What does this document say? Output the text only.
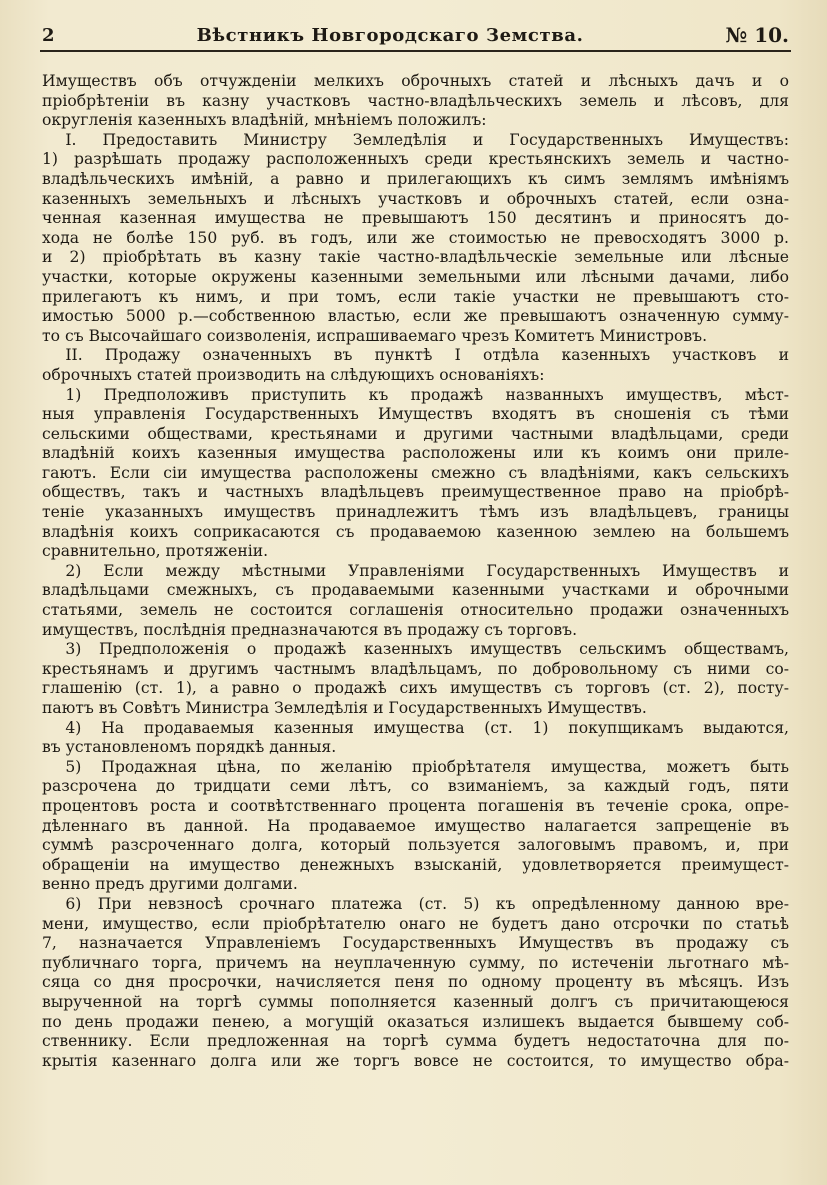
2	Вѣстникъ Новгородскаго Земства.	№ 10.
Имуществъ объ отчужденіи мелкихъ оброчныхъ статей и лѣсныхъ дачъ и о
пріобрѣтеніи въ казну участковъ частно-владѣльческихъ земель и лѣсовъ, для
округленія казенныхъ владѣній, мнѣніемъ положилъ:
  I. Предоставить Министру Земледѣлія и Государственныхъ Имуществъ:
1) разрѣшать продажу расположенныхъ среди крестьянскихъ земель и частно-
владѣльческихъ имѣній, а равно и прилегающихъ къ симъ землямъ имѣніямъ
казенныхъ земельныхъ и лѣсныхъ участковъ и оброчныхъ статей, если озна-
ченная казенная имущества не превышаютъ 150 десятинъ и приносятъ до-
хода не болѣе 150 руб. въ годъ, или же стоимостью не превосходятъ 3000 р.
и 2) пріобрѣтать въ казну такіе частно-владѣльческіе земельные или лѣсные
участки, которые окружены казенными земельными или лѣсными дачами, либо
прилегаютъ къ нимъ, и при томъ, если такіе участки не превышаютъ сто-
имостью 5000 р.—собственною властью, если же превышаютъ означенную сумму-
то съ Высочайшаго соизволенія, испрашиваемаго чрезъ Комитетъ Министровъ.
  II. Продажу означенныхъ въ пунктѣ I отдѣла казенныхъ участковъ и
оброчныхъ статей производить на слѣдующихъ основаніяхъ:
  1) Предположивъ приступить къ продажѣ названныхъ имуществъ, мѣст-
ныя управленія Государственныхъ Имуществъ входятъ въ сношенія съ тѣми
сельскими обществами, крестьянами и другими частными владѣльцами, среди
владѣній коихъ казенныя имущества расположены или къ коимъ они приле-
гаютъ. Если сіи имущества расположены смежно съ владѣніями, какъ сельскихъ
обществъ, такъ и частныхъ владѣльцевъ преимущественное право на пріобрѣ-
теніе указанныхъ имуществъ принадлежитъ тѣмъ изъ владѣльцевъ, границы
владѣнія коихъ соприкасаются съ продаваемою казенною землею на большемъ
сравнительно, протяженіи.
  2) Если между мѣстными Управленіями Государственныхъ Имуществъ и
владѣльцами смежныхъ, съ продаваемыми казенными участками и оброчными
статьями, земель не состоится соглашенія относительно продажи означенныхъ
имуществъ, послѣднія предназначаются въ продажу съ торговъ.
  3) Предположенія о продажѣ казенныхъ имуществъ сельскимъ обществамъ,
крестьянамъ и другимъ частнымъ владѣльцамъ, по добровольному съ ними со-
глашенію (ст. 1), а равно о продажѣ сихъ имуществъ съ торговъ (ст. 2), посту-
паютъ въ Совѣтъ Министра Земледѣлія и Государственныхъ Имуществъ.
  4) На продаваемыя казенныя имущества (ст. 1) покупщикамъ выдаются,
въ установленомъ порядкѣ данныя.
  5) Продажная цѣна, по желанію пріобрѣтателя имущества, можетъ быть
разсрочена до тридцати семи лѣтъ, со взиманіемъ, за каждый годъ, пяти
процентовъ роста и соотвѣтственнаго процента погашенія въ теченіе срока, опре-
дѣленнаго въ данной. На продаваемое имущество налагается запрещеніе въ
суммѣ разсроченнаго долга, который пользуется залоговымъ правомъ, и, при
обращеніи на имущество денежныхъ взысканій, удовлетворяется преимущест-
венно предъ другими долгами.
  6) При невзносѣ срочнаго платежа (ст. 5) къ опредѣленному данною вре-
мени, имущество, если пріобрѣтателю онаго не будетъ дано отсрочки по статьѣ
7, назначается Управленіемъ Государственныхъ Имуществъ въ продажу съ
публичнаго торга, причемъ на неуплаченную сумму, по истеченіи льготнаго мѣ-
сяца со дня просрочки, начисляется пеня по одному проценту въ мѣсяцъ. Изъ
вырученной на торгѣ суммы пополняется казенный долгъ съ причитающеюся
по день продажи пенею, а могущій оказаться излишекъ выдается бывшему соб-
ственнику. Если предложенная на торгѣ сумма будетъ недостаточна для по-
крытія казеннаго долга или же торгъ вовсе не состоится, то имущество обра-
